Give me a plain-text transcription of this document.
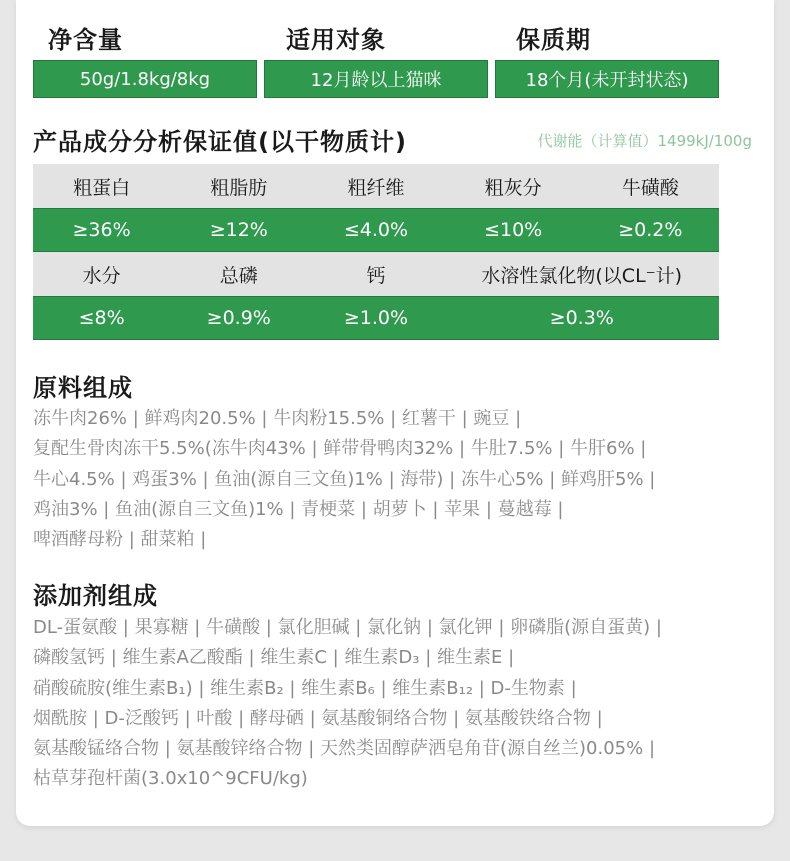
净含量	适用对象	保质期
50g/1.8kg/8kg	12月龄以上猫咪	18个月(未开封状态)
产品成分分析保证值(以干物质计)	代谢能（计算值）1499kJ/100g
粗蛋白	粗脂肪	粗纤维	粗灰分	牛磺酸
≥36%	≥12%	≤4.0%	≤10%	≥0.2%
水分	总磷	钙	水溶性氯化物(以CL⁻计)
≤8%	≥0.9%	≥1.0%	≥0.3%
原料组成
冻牛肉26% | 鲜鸡肉20.5% | 牛肉粉15.5% | 红薯干 | 豌豆 |
复配生骨肉冻干5.5%(冻牛肉43% | 鲜带骨鸭肉32% | 牛肚7.5% | 牛肝6% |
牛心4.5% | 鸡蛋3% | 鱼油(源自三文鱼)1% | 海带) | 冻牛心5% | 鲜鸡肝5% |
鸡油3% | 鱼油(源自三文鱼)1% | 青梗菜 | 胡萝卜 | 苹果 | 蔓越莓 |
啤酒酵母粉 | 甜菜粕 |
添加剂组成
DL-蛋氨酸 | 果寡糖 | 牛磺酸 | 氯化胆碱 | 氯化钠 | 氯化钾 | 卵磷脂(源自蛋黄) |
磷酸氢钙 | 维生素A乙酸酯 | 维生素C | 维生素D₃ | 维生素E |
硝酸硫胺(维生素B₁) | 维生素B₂ | 维生素B₆ | 维生素B₁₂ | D-生物素 |
烟酰胺 | D-泛酸钙 | 叶酸 | 酵母硒 | 氨基酸铜络合物 | 氨基酸铁络合物 |
氨基酸锰络合物 | 氨基酸锌络合物 | 天然类固醇萨洒皂角苷(源自丝兰)0.05% |
枯草芽孢杆菌(3.0x10^9CFU/kg)
